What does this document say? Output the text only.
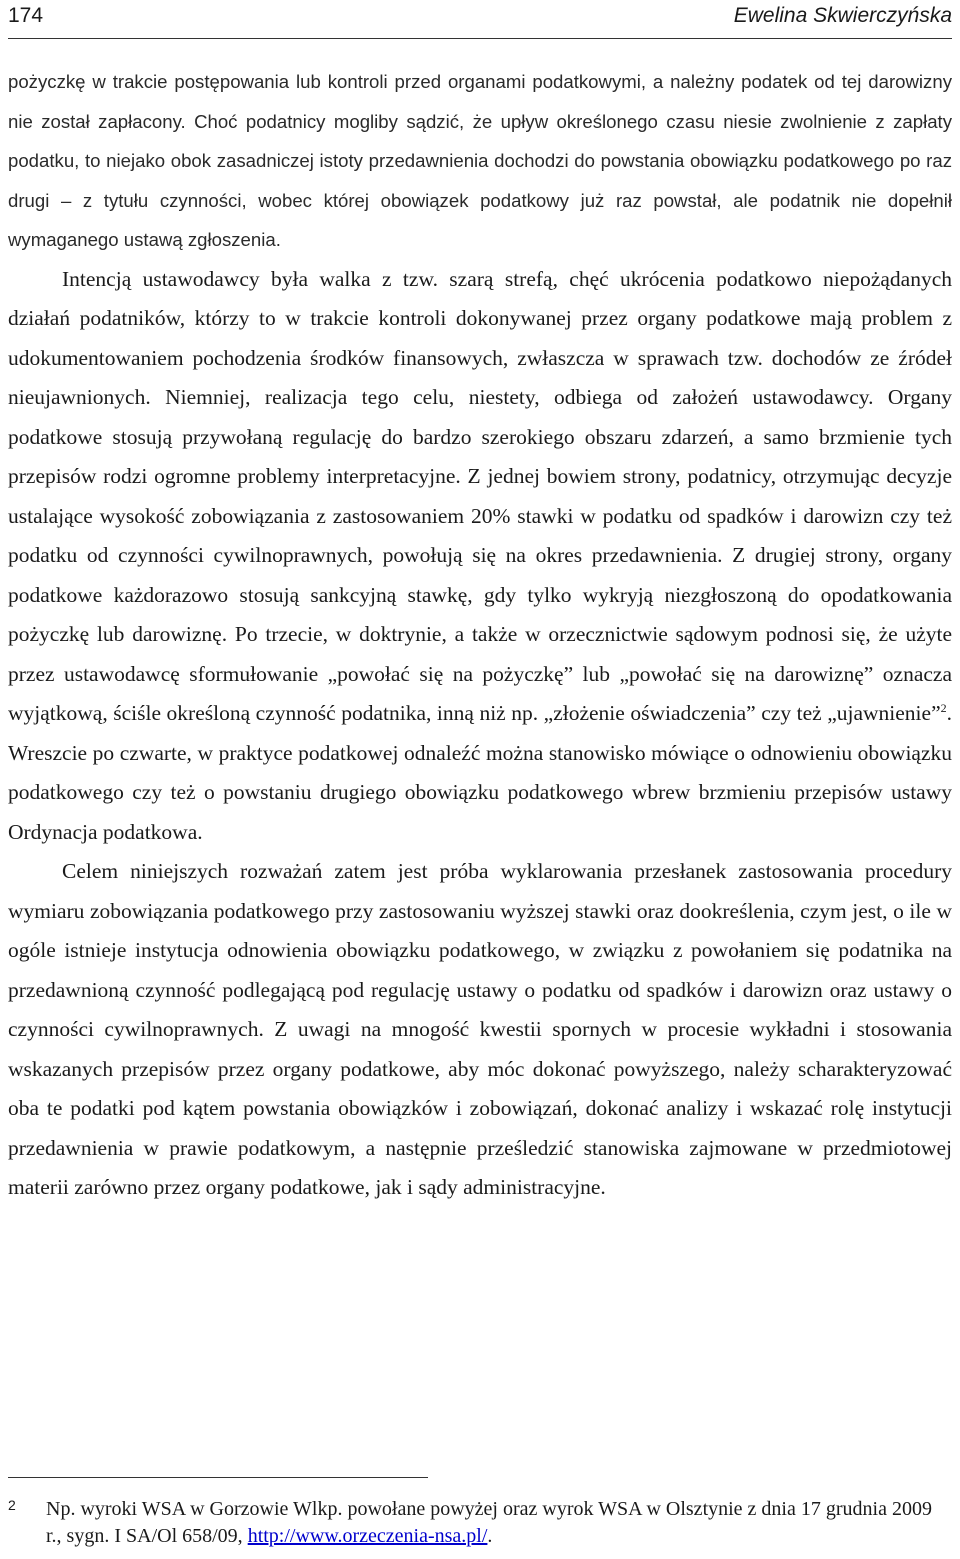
174	Ewelina Skwierczyńska

pożyczkę w trakcie postępowania lub kontroli przed organami podatkowymi, a należny podatek od tej darowizny nie został zapłacony. Choć podatnicy mogliby sądzić, że upływ określonego czasu niesie zwolnienie z zapłaty podatku, to niejako obok zasadniczej istoty przedawnienia dochodzi do powstania obowiązku podatkowego po raz drugi – z tytułu czynności, wobec której obowiązek podatkowy już raz powstał, ale podatnik nie dopełnił wymaganego ustawą zgłoszenia.

Intencją ustawodawcy była walka z tzw. szarą strefą, chęć ukrócenia podatkowo niepożądanych działań podatników, którzy to w trakcie kontroli dokonywanej przez organy podatkowe mają problem z udokumentowaniem pochodzenia środków finansowych, zwłaszcza w sprawach tzw. dochodów ze źródeł nieujawnionych. Niemniej, realizacja tego celu, niestety, odbiega od założeń ustawodawcy. Organy podatkowe stosują przywołaną regulację do bardzo szerokiego obszaru zdarzeń, a samo brzmienie tych przepisów rodzi ogromne problemy interpretacyjne. Z jednej bowiem strony, podatnicy, otrzymując decyzje ustalające wysokość zobowiązania z zastosowaniem 20% stawki w podatku od spadków i darowizn czy też podatku od czynności cywilnoprawnych, powołują się na okres przedawnienia. Z drugiej strony, organy podatkowe każdorazowo stosują sankcyjną stawkę, gdy tylko wykryją niezgłoszoną do opodatkowania pożyczkę lub darowiznę. Po trzecie, w doktrynie, a także w orzecznictwie sądowym podnosi się, że użyte przez ustawodawcę sformułowanie „powołać się na pożyczkę” lub „powołać się na darowiznę” oznacza wyjątkową, ściśle określoną czynność podatnika, inną niż np. „złożenie oświadczenia” czy też „ujawnienie”$^2$. Wreszcie po czwarte, w praktyce podatkowej odnaleźć można stanowisko mówiące o odnowieniu obowiązku podatkowego czy też o powstaniu drugiego obowiązku podatkowego wbrew brzmieniu przepisów ustawy Ordynacja podatkowa.

Celem niniejszych rozważań zatem jest próba wyklarowania przesłanek zastosowania procedury wymiaru zobowiązania podatkowego przy zastosowaniu wyższej stawki oraz dookreślenia, czym jest, o ile w ogóle istnieje instytucja odnowienia obowiązku podatkowego, w związku z powołaniem się podatnika na przedawnioną czynność podlegającą pod regulację ustawy o podatku od spadków i darowizn oraz ustawy o czynności cywilnoprawnych. Z uwagi na mnogość kwestii spornych w procesie wykładni i stosowania wskazanych przepisów przez organy podatkowe, aby móc dokonać powyższego, należy scharakteryzować oba te podatki pod kątem powstania obowiązków i zobowiązań, dokonać analizy i wskazać rolę instytucji przedawnienia w prawie podatkowym, a następnie prześledzić stanowiska zajmowane w przedmiotowej materii zarówno przez organy podatkowe, jak i sądy administracyjne.

2 Np. wyroki WSA w Gorzowie Wlkp. powołane powyżej oraz wyrok WSA w Olsztynie z dnia 17 grudnia 2009 r., sygn. I SA/Ol 658/09, http://www.orzeczenia-nsa.pl/.
